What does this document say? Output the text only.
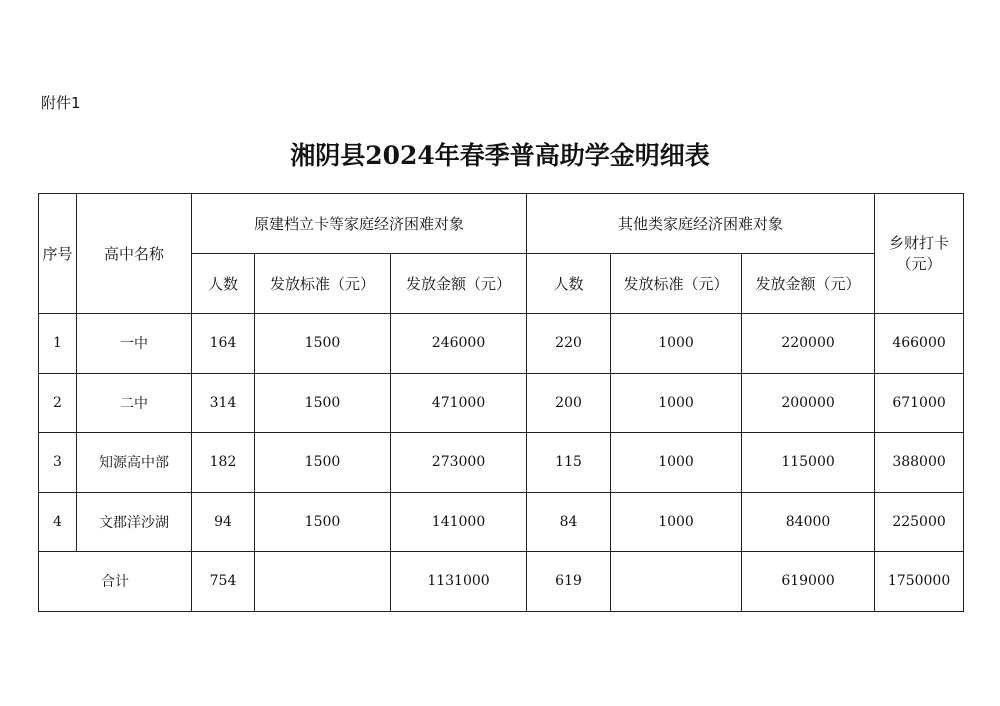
附件1
湘阴县2024年春季普高助学金明细表
序号	高中名称	原建档立卡等家庭经济困难对象			其他类家庭经济困难对象			乡财打卡（元）
		人数	发放标准（元）	发放金额（元）	人数	发放标准（元）	发放金额（元）	
1	一中	164	1500	246000	220	1000	220000	466000
2	二中	314	1500	471000	200	1000	200000	671000
3	知源高中部	182	1500	273000	115	1000	115000	388000
4	文郡洋沙湖	94	1500	141000	84	1000	84000	225000
合计		754		1131000	619		619000	1750000
